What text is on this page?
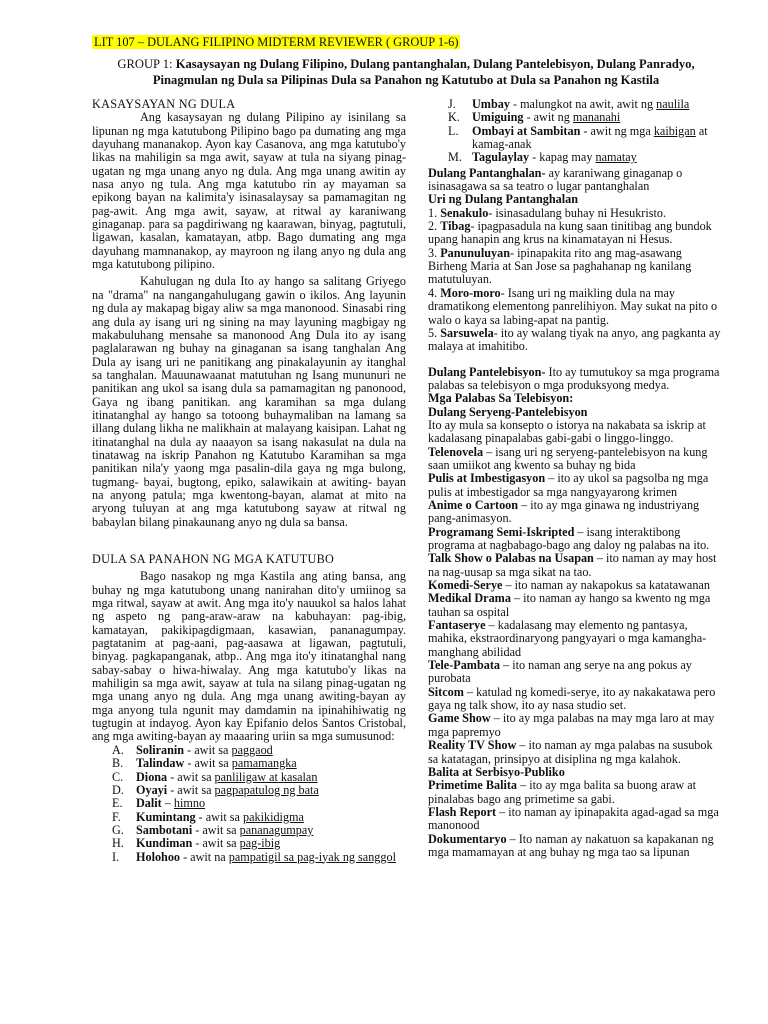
LIT 107 – DULANG FILIPINO MIDTERM REVIEWER ( GROUP 1-6)
GROUP 1: Kasaysayan ng Dulang Filipino, Dulang pantanghalan, Dulang Pantelebisyon, Dulang Panradyo, Pinagmulan ng Dula sa Pilipinas Dula sa Panahon ng Katutubo at Dula sa Panahon ng Kastila
KASAYSAYAN NG DULA

Ang kasaysayan ng dulang Pilipino ay isinilang sa lipunan ng mga katutubong Pilipino bago pa dumating ang mga dayuhang mananakop. Ayon kay Casanova, ang mga katutubo'y likas na mahiligin sa mga awit, sayaw at tula na siyang pinag-ugatan ng mga unang anyo ng dula. Ang mga unang awitin ay nasa anyo ng tula. Ang mga katutubo rin ay mayaman sa epikong bayan na kalimita'y isinasalaysay sa pamamagitan ng pag-awit. Ang mga awit, sayaw, at ritwal ay karaniwang ginaganap. para sa pagdiriwang ng kaarawan, binyag, pagtutuli, ligawan, kasalan, kamatayan, atbp. Bago dumating ang mga dayuhang mamnanakop, ay mayroon ng ilang anyo ng dula ang mga katutubong pilipino.

Kahulugan ng dula Ito ay hango sa salitang Griyego na "drama" na nangangahulugang gawin o ikilos. Ang layunin ng dula ay makapag bigay aliw sa mga manonood. Sinasabi ring ang dula ay isang uri ng sining na may layuning magbigay ng makabuluhang mensahe sa manonood Ang Dula ito ay isang paglalarawan ng buhay na ginaganan sa isang tanghalan Ang Dula ay isang uri ne panitikang ang pinakalayunin ay itanghal sa tanghalan. Mauunawaanat matutuhan ng Isang mununuri ne panitikan ang ukol sa isang dula sa pamamagitan ng panonood, Gaya ng ibang panitikan. ang karamihan sa mga dulang itinatanghal ay hango sa totoong buhaymaliban na lamang sa illang dulang likha ne malikhain at malayang kaisipan. Lahat ng itinatanghal na dula ay naaayon sa isang nakasulat na dula na tinatawag na iskrip Panahon ng Katutubo Karamihan sa mga panitikan nila'y yaong mga pasalin-dila gaya ng mga bulong, tugmang- bayai, bugtong, epiko, salawikain at awiting- bayan na anyong patula; mga kwentong-bayan, alamat at mito na aryong tuluyan at ang mga katutubong sayaw at ritwal ng babaylan bilang pinakaunang anyo ng dula sa bansa.

DULA SA PANAHON NG MGA KATUTUBO

Bago nasakop ng mga Kastila ang ating bansa, ang buhay ng mga katutubong unang nanirahan dito'y umiinog sa mga ritwal, sayaw at awit. Ang mga ito'y nauukol sa halos lahat ng aspeto ng pang-araw-araw na kabuhayan: pag-ibig, kamatayan, pakikipagdigmaan, kasawian, pananagumpay. pagtatanim at pag-aani, pag-aasawa at ligawan, pagtutuli, binyag. pagkapanganak, atbp.. Ang mga ito'y itinatanghal nang sabay-sabay o hiwa-hiwalay. Ang mga katutubo'y likas na mahiligin sa mga awit, sayaw at tula na silang pinag-ugatan ng mga unang anyo ng dula. Ang mga unang awiting-bayan ay mga anyong tula ngunit may damdamin na ipinahihiwatig ng tugtugin at indayog. Ayon kay Epifanio delos Santos Cristobal, ang mga awiting-bayan ay maaaring uriin sa mga sumusunod:

A. Soliranin - awit sa paggaod
B.	Talindaw - awit sa pamamangka
C.	Diona - awit sa panliligaw at kasalan
D. Oyayi - awit sa pagpapatulog ng bata
E.	Dalit – himno
F.	Kumintang - awit sa pakikidigma
G. Sambotani - awit sa pananagumpay
H. Kundiman - awit sa pag-ibig
I.	Holohoo - awit na pampatigil sa pag-iyak ng sanggol
J.	Umbay - malungkot na awit, awit ng naulila
K. Umiguing - awit ng mananahi
L.	Ombayi at Sambitan - awit ng mga kaibigan at kamag-anak
M. Tagulaylay - kapag may namatay

Dulang Pantanghalan- ay karaniwang ginaganap o isinasagawa sa sa teatro o lugar pantanghalan

Uri ng Dulang Pantanghalan

1. Senakulo- isinasadulang buhay ni Hesukristo.

2. Tibag- ipagpasadula na kung saan tinitibag ang bundok upang hanapin ang krus na kinamatayan ni Hesus.

3. Panunuluyan- ipinapakita rito ang mag-asawang Birheng Maria at San Jose sa paghahanap ng kanilang matutuluyan.

4. Moro-moro- Isang uri ng maikling dula na may dramatikong elementong panrelihiyon. May sukat na pito o walo o kaya sa labing-apat na pantig.

5. Sarsuwela- ito ay walang tiyak na anyo, ang pagkanta ay malaya at imahitibo.

Dulang Pantelebisyon- Ito ay tumutukoy sa mga programa palabas sa telebisyon o mga produksyong medya.

Mga Palabas Sa Telebisyon:

Dulang Seryeng-Pantelebisyon

Ito ay mula sa konsepto o istorya na nakabata sa iskrip at kadalasang pinapalabas gabi-gabi o linggo-linggo.

Telenovela – isang uri ng seryeng-pantelebisyon na kung saan umiikot ang kwento sa buhay ng bida

Pulis at Imbestigasyon – ito ay ukol sa pagsolba ng mga pulis at imbestigador sa mga nangyayarong krimen

Anime o Cartoon – ito ay mga ginawa ng industriyang pang-animasyon.

Programang Semi-Iskripted – isang interaktibong programa at nagbabago-bago ang daloy ng palabas na ito.

Talk Show o Palabas na Usapan – ito naman ay may host na nag-uusap sa mga sikat na tao.

Komedi-Serye – ito naman ay nakapokus sa katatawanan

Medikal Drama – ito naman ay hango sa kwento ng mga tauhan sa ospital

Fantaserye – kadalasang may elemento ng pantasya, mahika, ekstraordinaryong pangyayari o mga kamangha-manghang abilidad

Tele-Pambata – ito naman ang serye na ang pokus ay purobata

Sitcom – katulad ng komedi-serye, ito ay nakakatawa pero gaya ng talk show, ito ay nasa studio set.

Game Show – ito ay mga palabas na may mga laro at may mga papremyo

Reality TV Show – ito naman ay mga palabas na susubok sa katatagan, prinsipyo at disiplina ng mga kalahok.

Balita at Serbisyo-Publiko

Primetime Balita – ito ay mga balita sa buong araw at pinalabas bago ang primetime sa gabi.

Flash Report – ito naman ay ipinapakita agad-agad sa mga manonood

Dokumentaryo – Ito naman ay nakatuon sa kapakanan ng mga mamamayan at ang buhay ng mga tao sa lipunan
